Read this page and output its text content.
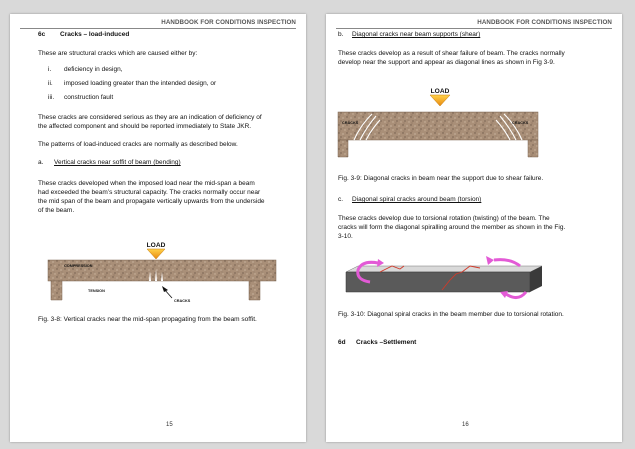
HANDBOOK FOR CONDITIONS INSPECTION
6c Cracks – load-induced
These are structural cracks which are caused either by:
i. deficiency in design,
ii. imposed loading greater than the intended design, or
iii. construction fault
These cracks are considered serious as they are an indication of deficiency of
the affected component and should be reported immediately to State JKR.
The patterns of load-induced cracks are normally as described below.
a. Vertical cracks near soffit of beam (bending)
These cracks developed when the imposed load near the mid-span a beam
had exceeded the beam’s structural capacity. The cracks normally occur near
the mid span of the beam and propagate vertically upwards from the underside
of the beam.
LOAD
COMPRESSION
TENSION
CRACKS
Fig. 3-8: Vertical cracks near the mid-span propagating from the beam soffit.
15
HANDBOOK FOR CONDITIONS INSPECTION
b. Diagonal cracks near beam supports (shear)
These cracks develop as a result of shear failure of beam. The cracks normally
develop near the support and appear as diagonal lines as shown in Fig 3-9.
LOAD
CRACKS	CRACKS
Fig. 3-9: Diagonal cracks in beam near the support due to shear failure.
c. Diagonal spiral cracks around beam (torsion)
These cracks develop due to torsional rotation (twisting) of the beam. The
cracks will form the diagonal spiralling around the member as shown in the Fig.
3-10.
Fig. 3-10: Diagonal spiral cracks in the beam member due to torsional rotation.
6d Cracks –Settlement
16
